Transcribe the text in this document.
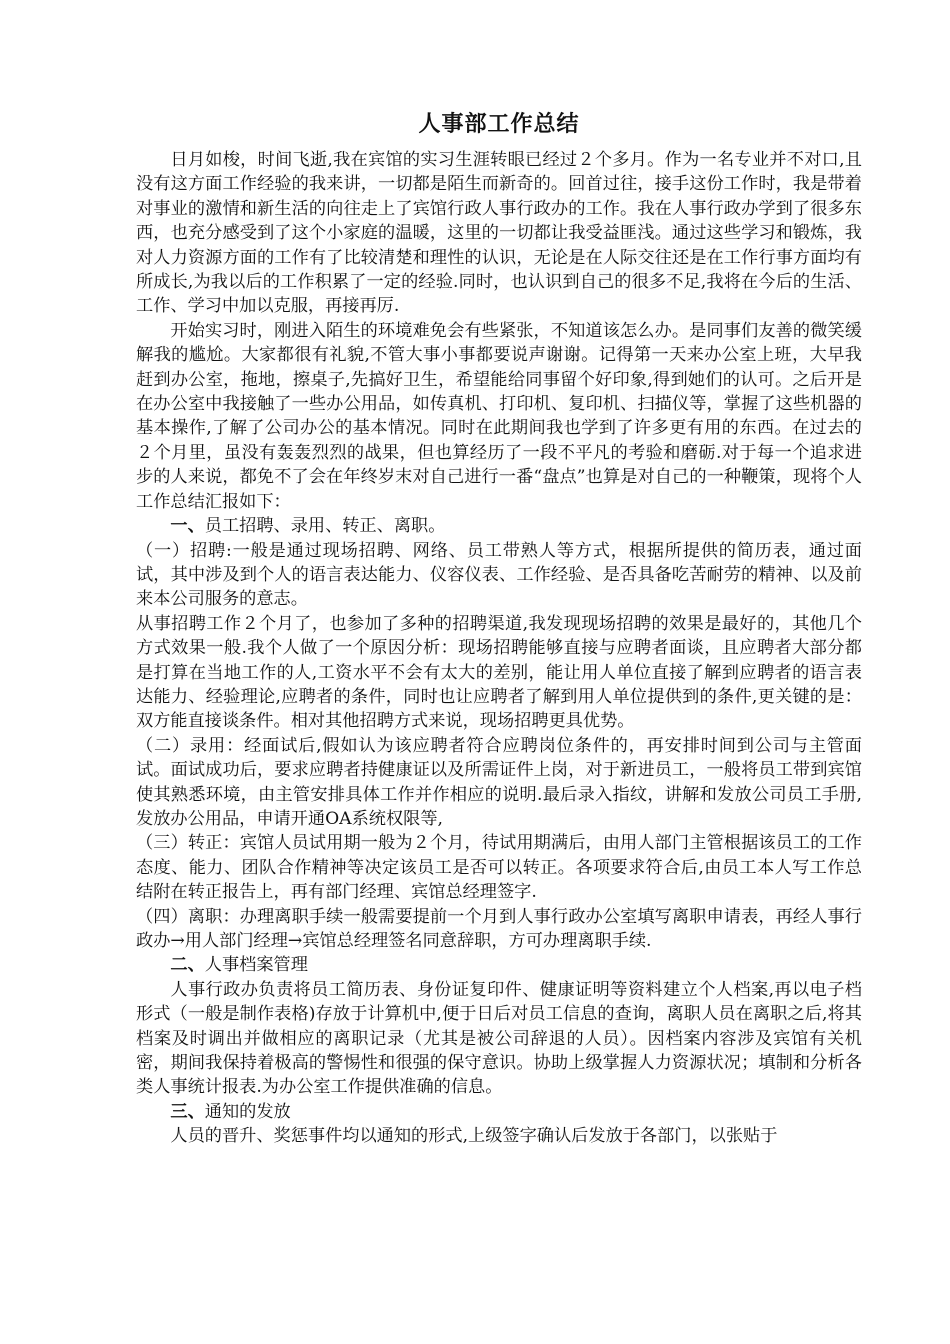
人事部工作总结

日月如梭，时间飞逝,我在宾馆的实习生涯转眼已经过２个多月。作为一名专业并不对口,且没有这方面工作经验的我来讲，一切都是陌生而新奇的。回首过往，接手这份工作时，我是带着对事业的激情和新生活的向往走上了宾馆行政人事行政办的工作。我在人事行政办学到了很多东西，也充分感受到了这个小家庭的温暖，这里的一切都让我受益匪浅。通过这些学习和锻炼，我对人力资源方面的工作有了比较清楚和理性的认识，无论是在人际交往还是在工作行事方面均有所成长,为我以后的工作积累了一定的经验.同时，也认识到自己的很多不足,我将在今后的生活、工作、学习中加以克服，再接再厉.

开始实习时，刚进入陌生的环境难免会有些紧张，不知道该怎么办。是同事们友善的微笑缓解我的尴尬。大家都很有礼貌,不管大事小事都要说声谢谢。记得第一天来办公室上班，大早我赶到办公室，拖地，擦桌子,先搞好卫生，希望能给同事留个好印象,得到她们的认可。之后开是在办公室中我接触了一些办公用品，如传真机、打印机、复印机、扫描仪等，掌握了这些机器的基本操作,了解了公司办公的基本情况。同时在此期间我也学到了许多更有用的东西。在过去的２个月里，虽没有轰轰烈烈的战果，但也算经历了一段不平凡的考验和磨砺.对于每一个追求进步的人来说，都免不了会在年终岁末对自己进行一番“盘点”也算是对自己的一种鞭策，现将个人工作总结汇报如下：

一、员工招聘、录用、转正、离职。

（一）招聘:一般是通过现场招聘、网络、员工带熟人等方式，根据所提供的简历表，通过面试，其中涉及到个人的语言表达能力、仪容仪表、工作经验、是否具备吃苦耐劳的精神、以及前来本公司服务的意志。

从事招聘工作２个月了，也参加了多种的招聘渠道,我发现现场招聘的效果是最好的，其他几个方式效果一般.我个人做了一个原因分析：现场招聘能够直接与应聘者面谈，且应聘者大部分都是打算在当地工作的人,工资水平不会有太大的差别，能让用人单位直接了解到应聘者的语言表达能力、经验理论,应聘者的条件，同时也让应聘者了解到用人单位提供到的条件,更关键的是：双方能直接谈条件。相对其他招聘方式来说，现场招聘更具优势。

（二）录用：经面试后,假如认为该应聘者符合应聘岗位条件的，再安排时间到公司与主管面试。面试成功后，要求应聘者持健康证以及所需证件上岗，对于新进员工，一般将员工带到宾馆使其熟悉环境，由主管安排具体工作并作相应的说明.最后录入指纹，讲解和发放公司员工手册,发放办公用品，申请开通OA系统权限等,

（三）转正：宾馆人员试用期一般为２个月，待试用期满后，由用人部门主管根据该员工的工作态度、能力、团队合作精神等决定该员工是否可以转正。各项要求符合后,由员工本人写工作总结附在转正报告上，再有部门经理、宾馆总经理签字.

（四）离职：办理离职手续一般需要提前一个月到人事行政办公室填写离职申请表，再经人事行政办→用人部门经理→宾馆总经理签名同意辞职，方可办理离职手续.

二、人事档案管理

人事行政办负责将员工简历表、身份证复印件、健康证明等资料建立个人档案,再以电子档形式（一般是制作表格)存放于计算机中,便于日后对员工信息的查询，离职人员在离职之后,将其档案及时调出并做相应的离职记录（尤其是被公司辞退的人员）。因档案内容涉及宾馆有关机密，期间我保持着极高的警惕性和很强的保守意识。协助上级掌握人力资源状况；填制和分析各类人事统计报表.为办公室工作提供准确的信息。

三、通知的发放

人员的晋升、奖惩事件均以通知的形式,上级签字确认后发放于各部门，以张贴于
